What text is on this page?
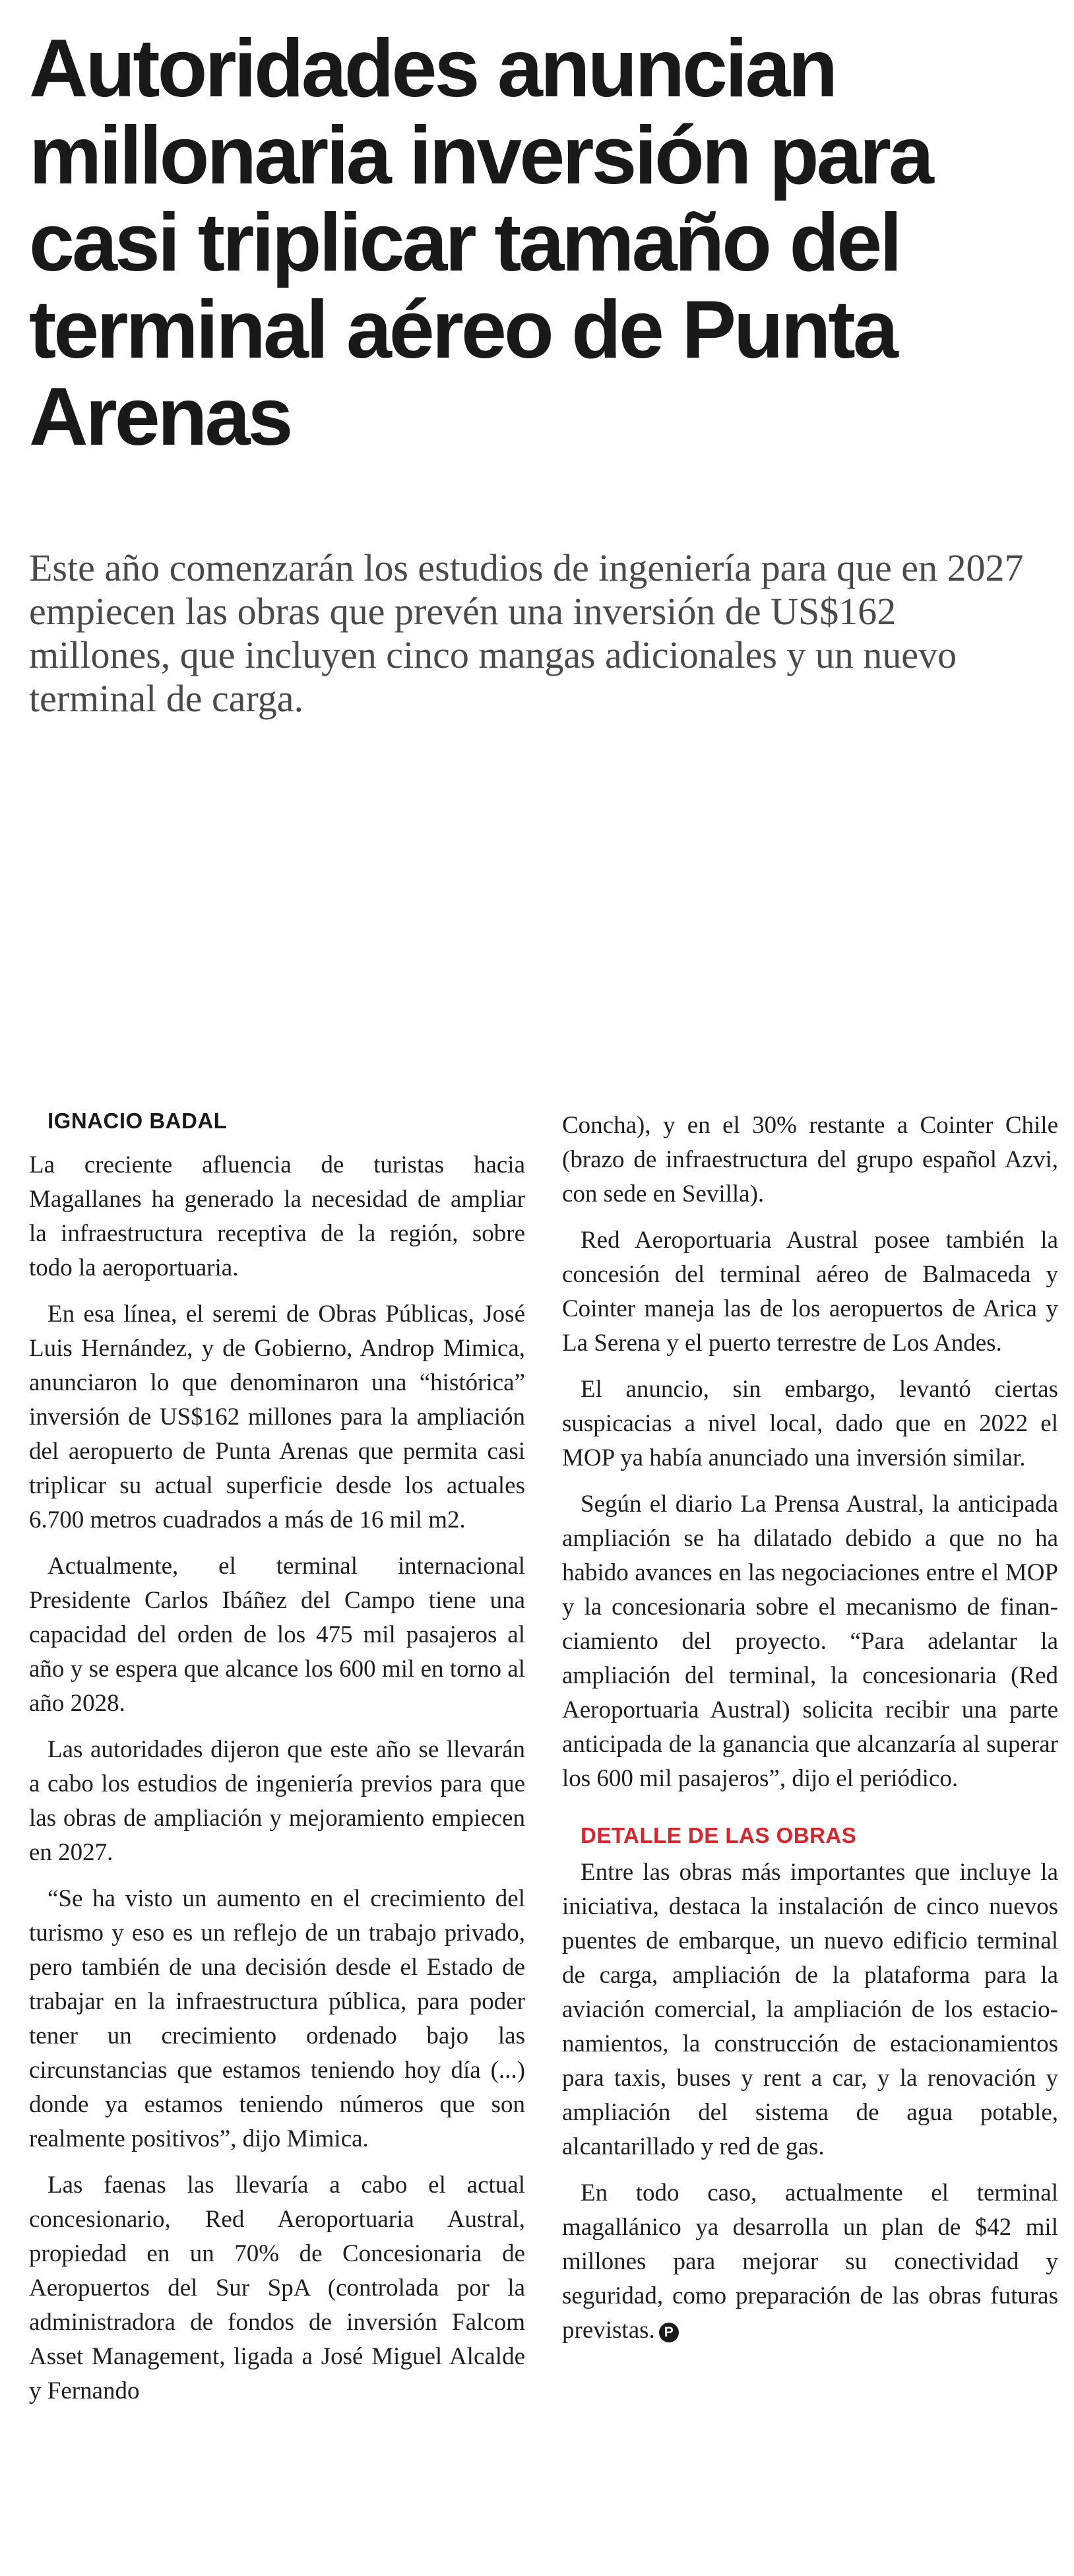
Autoridades anuncian millonaria inversión para casi triplicar tamaño del terminal aéreo de Punta Arenas

Este año comenzarán los estudios de ingeniería para que en 2027 empiecen las obras que prevén una inversión de US$162 millones, que incluyen cinco mangas adicionales y un nuevo terminal de carga.

IGNACIO BADAL

La creciente afluencia de turistas hacia Magallanes ha generado la necesidad de ampliar la infraestructura receptiva de la región, sobre todo la aeroportuaria.

En esa línea, el seremi de Obras Públicas, José Luis Hernández, y de Gobierno, Androp Mimica, anunciaron lo que denominaron una “histórica” inversión de US$162 millones para la ampliación del aeropuerto de Punta Arenas que permita casi triplicar su actual superficie desde los actuales 6.700 metros cuadrados a más de 16 mil m2.

Actualmente, el terminal internacional Presidente Carlos Ibáñez del Campo tiene una capacidad del orden de los 475 mil pasajeros al año y se espera que alcance los 600 mil en torno al año 2028.

Las autoridades dijeron que este año se llevarán a cabo los estudios de ingeniería previos para que las obras de ampliación y mejoramiento empiecen en 2027.

“Se ha visto un aumento en el crecimiento del turismo y eso es un reflejo de un trabajo privado, pero también de una decisión desde el Estado de trabajar en la infraestructura pública, para poder tener un crecimiento ordenado bajo las circunstancias que estamos teniendo hoy día (...) donde ya estamos teniendo números que son realmente positivos”, dijo Mimica.

Las faenas las llevaría a cabo el actual concesionario, Red Aeroportuaria Austral, propiedad en un 70% de Concesionaria de Aeropuertos del Sur SpA (controlada por la administradora de fondos de inversión Falcom Asset Management, ligada a José Miguel Alcalde y Fernando

Concha), y en el 30% restante a Cointer Chile (brazo de infraestructura del grupo español Azvi, con sede en Sevilla).

Red Aeroportuaria Austral posee también la concesión del terminal aéreo de Balmaceda y Cointer maneja las de los aeropuertos de Arica y La Serena y el puerto terrestre de Los Andes.

El anuncio, sin embargo, levantó ciertas suspicacias a nivel local, dado que en 2022 el MOP ya había anunciado una inversión similar.

Según el diario La Prensa Austral, la anticipada ampliación se ha dilatado debido a que no ha habido avances en las negociaciones entre el MOP y la concesionaria sobre el mecanismo de financiamiento del proyecto. “Para adelantar la ampliación del terminal, la concesionaria (Red Aeroportuaria Austral) solicita recibir una parte anticipada de la ganancia que alcanzaría al superar los 600 mil pasajeros”, dijo el periódico.

DETALLE DE LAS OBRAS

Entre las obras más importantes que incluye la iniciativa, destaca la instalación de cinco nuevos puentes de embarque, un nuevo edificio terminal de carga, ampliación de la plataforma para la aviación comercial, la ampliación de los estacionamientos, la construcción de estacionamientos para taxis, buses y rent a car, y la renovación y ampliación del sistema de agua potable, alcantarillado y red de gas.

En todo caso, actualmente el terminal magallánico ya desarrolla un plan de $42 mil millones para mejorar su conectividad y seguridad, como preparación de las obras futuras previstas. P
